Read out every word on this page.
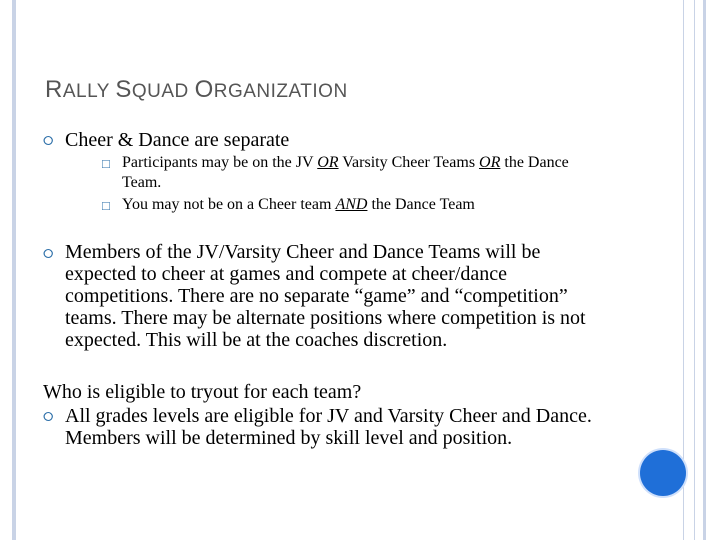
RALLY SQUAD ORGANIZATION
⭘ Cheer & Dance are separate
□ Participants may be on the JV OR Varsity Cheer Teams OR the Dance
Team.
□ You may not be on a Cheer team AND the Dance Team
⭘ Members of the JV/Varsity Cheer and Dance Teams will be
expected to cheer at games and compete at cheer/dance
competitions. There are no separate “game” and “competition”
teams. There may be alternate positions where competition is not
expected. This will be at the coaches discretion.
Who is eligible to tryout for each team?
⭘ All grades levels are eligible for JV and Varsity Cheer and Dance.
Members will be determined by skill level and position.
